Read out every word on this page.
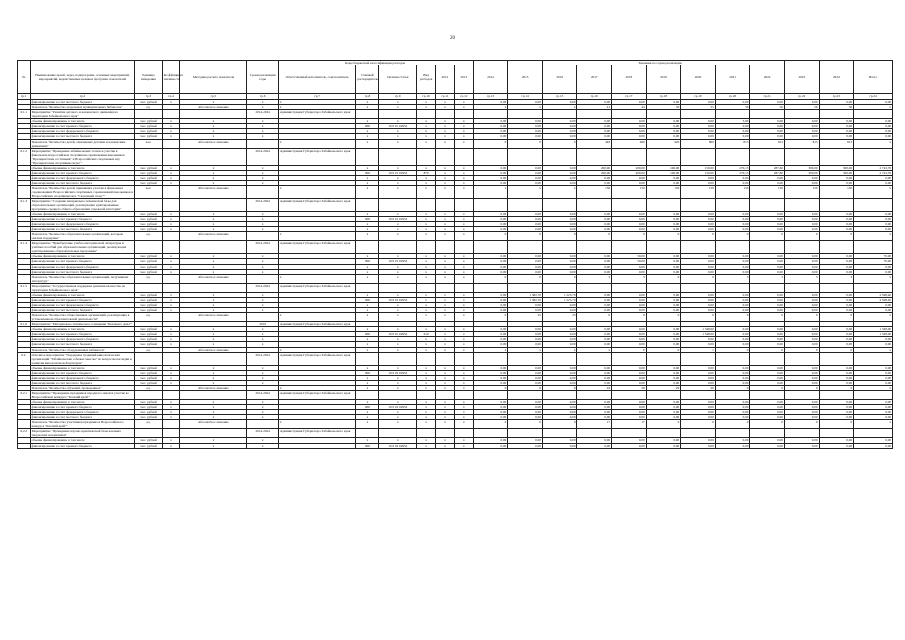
20
№	Наименование целей, задач, подпрограмм, основных мероприятий, мероприятий, ведомственных целевых программ, показателей	Единица измерения	Коэффициент значимости	Методика расчета показателя	Сроки реализации годы	Ответственный исполнитель, соисполнитель	Главный распорядитель	Целевая статья	Вид расходов	2012	2013	2014	2015	2016	2017	2018	2019	2020	2021	2022	2023	2024	Итого
гр.1	гр.2	гр.3	гр.4	гр.5	гр.6	гр.7	гр.8	гр.9	гр.10	гр.11	гр.12	гр.13	гр.14	гр.15	гр.16	гр.17	гр.18	гр.19	гр.20	гр.21	гр.22	гр.23	гр.24
	финансирование за счет местного бюджета	тыс. рублей	х	х	х	х	х	х	х	х	х	0,00	0,00	0,00	0,00	0,00	0,00	0,00	0,00	0,00	0,00	0,00	0,00
	Показатель "Количество модельных муниципальных библиотек"	ед.		Абсолютное значение	х	х	х	х	х	х	х	х	х	х	41	44	50	55	56	56	56	56	х
6.1.1	Мероприятие "Развитие детского и юношеского движения на территории Забайкальского края"				2014-2024	Администрация Губернатора Забайкальского края																	
	объемы финансирования, в том числе	тыс. рублей	х	х	х		х	х	х	х	х	0,00	0,00	0,00	0,00	0,00	0,00	0,00	3,00	0,00	0,00	0,00	0,00
	финансирование за счет краевого бюджета	тыс. рублей	х	х	х		006	19 6 01 02952	х	х	х	0,00	0,00	0,00	0,00	0,00	0,00	0,00	0,00	0,00	0,00	0,00	0,00
	финансирование за счет федерального бюджета	тыс. рублей	х	х	х		х	х	х	х	х	0,00	0,00	0,00	0,00	0,00	0,00	0,00	0,00	0,00	0,00	0,00	0,00
	финансирование за счет местного бюджета	тыс. рублей	х	х	х		х	х	х	х	х	0,00	0,00	0,00	0,00	0,00	0,00	0,00	0,00	0,00	0,00	0,00	0,00
	Показатель "Количество детей, охваченных детским и юношеским движением"	чел.		Абсолютное значение		х	х	х	х	х	х	0	0	0	463	460	420	800	813	813	813	813	х
6.1.2	Мероприятие "Проведение забайкальских этапов и участие в финальном всероссийском спортивном соревновании школьников "Президентские состязания" и Всероссийских спортивных игр "Президентские спортивные игры""				2014-2024	Администрация Губернатора Забайкальского края																	
	объемы финансирования, в том числе	тыс. рублей	х	х	х		х	х	х	х	х	0,00	0,00	0,00	200,00	200,00	100,00	150,00	270,15	287,60	300,00	300,00	2 743,76
	финансирование за счет краевого бюджета	тыс. рублей	х	х	х		006	19 6 01 02952	870	х	х	0,00	0,00	0,00	200,00	200,00	100,00	150,00	270,15	287,60	300,00	300,00	2 743,76
	финансирование за счет федерального бюджета	тыс. рублей	х	х	х		х	х	х	х	х	0,00	0,00	0,00	0,00	0,00	0,00	0,00	0,00	0,00	0,00	0,00	0,00
	финансирование за счет местного бюджета	тыс. рублей	х	х	х		х	х	х	х	х	0,00	0,00	0,00	0,00	0,00	0,00	0,00	0,00	0,00	0,00	0,00	0,00
	Показатель "Количество детей, принявших участие в финальных соревнованиях Всероссийских спортивных соревнований школьников и Всероссийских спортивных игр "Сказочный спорт""	чел.		Абсолютное значение		х	х	х	х	х	х	х	х	х	150	150	150	150	150	150	150	150	х
6.1.3	Мероприятие "Создание материально-технической базы для образовательных организаций, реализующих адаптированные программы среднего общего образования отдельной категории"				2014-2024	Администрация Губернатора Забайкальского края																	
	объемы финансирования, в том числе	тыс. рублей	х	х	х		х	х	х	х	х	0,00	0,00	0,00	0,00	0,00	0,00	0,00	0,00	0,00	0,00	0,00	0,00
	финансирование за счет краевого бюджета	тыс. рублей	х	х	х		006	19 6 01 02952	х	х	х	0,00	0,00	0,00	0,00	0,00	0,00	0,00	0,00	0,00	0,00	0,00	0,00
	финансирование за счет федерального бюджета	тыс. рублей	х	х	х		х	х	х	х	х	0,00	0,00	0,00	0,00	0,00	0,00	0,00	0,00	0,00	0,00	0,00	0,00
	финансирование за счет местного бюджета	тыс. рублей	х	х	х		х	х	х	х	х	0,00	0,00	0,00	0,00	0,00	0,00	0,00	0,00	0,00	0,00	0,00	0,00
	Показатель "Количество образовательных организаций, которым оказана поддержка"	ед.		Абсолютное значение		х	х	х	х	х	х	0	0	0	0	0	0	0	0	0	0	0	х
6.1.4	Мероприятие "Приобретение учебно-методической литературы и учебных пособий для образовательных организаций, реализующих адаптированные образовательные программы"				2014-2024	Администрация Губернатора Забайкальского края																	
	объемы финансирования, в том числе	тыс. рублей	х	х	х		х	х	х	х	х	0,00	0,00	0,00	0,00	50,00	0,00	0,00	0,00	0,00	0,00	0,00	70,00
	финансирование за счет краевого бюджета	тыс. рублей	х	х	х		006	19 6 01 02952	х	х	х	0,00	0,00	0,00	0,00	50,00	0,00	0,00	0,00	0,00	0,00	0,00	70,00
	финансирование за счет федерального бюджета	тыс. рублей	х	х	х		х	х	х	х	х	0,00	0,00	0,00	0,00	0,00	0,00	0,00	0,00	0,00	0,00	0,00	0,00
	финансирование за счет местного бюджета	тыс. рублей	х	х	х		х	х	х	х	х	0,00	0,00	0,00	0,00	0,00	0,00	0,00	0,00	0,00	0,00	0,00	0,00
	Показатель "Количество образовательных организаций, получивших литературу"	ед.		Абсолютное значение		х	х	х	х	х	х	0	0	0	3	3	0	0	3	3	3	3	х
6.1.5	Мероприятие "Государственная поддержка развития казачества на территории Забайкальского края"				2014-2024	Администрация Губернатора Забайкальского края																	
	объемы финансирования, в том числе	тыс. рублей	х	х	х		х	х	х	х	х	0,00	1 382,70	1 225,70	0,00	0,00	0,00	0,00	0,00	0,00	0,00	0,00	2 598,40
	финансирование за счет краевого бюджета	тыс. рублей	х	х	х		006	19 6 01 02952	х	х	х	0,00	1 382,70	1 225,70	0,00	0,00	0,00	0,00	0,00	0,00	0,00	0,00	2 598,40
	финансирование за счет федерального бюджета	тыс. рублей	х	х	х		х	х	х	х	х	0,00	0,00	0,00	0,00	0,00	0,00	0,00	0,00	0,00	0,00	0,00	0,00
	финансирование за счет местного бюджета	тыс. рублей	х	х	х		х	х	х	х	х	0,00	0,00	0,00	0,00	0,00	0,00	0,00	0,00	0,00	0,00	0,00	0,00
	Показатель "Количество общественных организаций, реализующих в установленном образовательной деятельности"	ед.		Абсолютное значение		х	х	х	х	х	х	0	25	25	0	0	0	0	0	0	0	0	х
6.1.6	Мероприятие "Материально-техническое оснащение "Казачьего дома""				2019	Администрация Губернатора Забайкальского края																	
	объемы финансирования, в том числе	тыс. рублей	х	х	х		х	х	х	х	х	0,00	0,00	0,00	0,00	0,00	0,00	1 348,00	0,00	0,00	0,00	0,00	1 348,00
	финансирование за счет краевого бюджета	тыс. рублей	х	х	х		006	19 6 01 02952	610	х	х	0,00	0,00	0,00	0,00	0,00	0,00	1 348,00	0,00	0,00	0,00	0,00	1 348,00
	финансирование за счет федерального бюджета	тыс. рублей	х	х	х		х	х	х	х	х	0,00	0,00	0,00	0,00	0,00	0,00	0,00	0,00	0,00	0,00	0,00	0,00
	финансирование за счет местного бюджета	тыс. рублей	х	х	х		х	х	х	х	х	0,00	0,00	0,00	0,00	0,00	0,00	0,00	0,00	0,00	0,00	0,00	0,00
	Показатель "Количество оборудованных кабинетов"	ед.		Абсолютное значение		х	х	х	х	х	х	х	х	х	х	0	0	1	0	0	0	0	х
6.2.	Основное мероприятие "Поддержка традиций кинологических организаций "Забайкальские собачьи смыслы" по вопросам наследия и развития кинологической культуры"				2014-2024	Администрация Губернатора Забайкальского края																	
	объемы финансирования, в том числе	тыс. рублей	х	х	х		х	х	х	х	х	0,00	0,00	0,00	0,00	0,00	0,00	0,00	0,00	0,00	0,00	0,00	0,00
	финансирование за счет краевого бюджета	тыс. рублей	х	х	х		006	19 6 02 02952	х	х	х	0,00	0,00	0,00	0,00	0,00	0,00	0,00	0,00	0,00	0,00	0,00	0,00
	финансирование за счет федерального бюджета	тыс. рублей	х	х	х		х	х	х	х	х	0,00	0,00	0,00	0,00	0,00	0,00	0,00	0,00	0,00	0,00	0,00	0,00
	финансирование за счет местного бюджета	тыс. рублей	х	х	х		х	х	х	х	х	0,00	0,00	0,00	0,00	0,00	0,00	0,00	0,00	0,00	0,00	0,00	0,00
	Показатель "Количество обучений, проведенных"	ед.		Абсолютное значение		х	х	х	х	х	х	0	0	0	24	28	29	29	0	0	0	0	х
6.2.1	Мероприятие "Проведение праздников народного земли и участие во Всероссийском конкурсе "Казачий край""				2014-2024	Администрация Губернатора Забайкальского края																	
	объемы финансирования, в том числе	тыс. рублей	х	х	х		х	х	х	х	х	0,00	0,00	0,00	0,00	0,00	0,00	0,00	0,00	0,00	0,00	0,00	0,00
	финансирование за счет краевого бюджета	тыс. рублей	х	х	х		006	19 6 02 02952	х	х	х	0,00	0,00	0,00	0,00	0,00	0,00	0,00	0,00	0,00	0,00	0,00	0,00
	финансирование за счет федерального бюджета	тыс. рублей	х	х	х		х	х	х	х	х	0,00	0,00	0,00	0,00	0,00	0,00	0,00	0,00	0,00	0,00	0,00	0,00
	финансирование за счет местного бюджета	тыс. рублей	х	х	х		х	х	х	х	х	0,00	0,00	0,00	0,00	0,00	0,00	0,00	0,00	0,00	0,00	0,00	0,00
	Показатель "Количество участников праздника и Всероссийского конкурса "Казачий край""	ед.		Абсолютное значение		х	х	х	х	х	х	0	0	0	17	17	0	0	0	0	0	0	х
6.2.2	Мероприятие "Проведение научно-практической базы казачьих творческих коллективов"				2014-2024	Администрация Губернатора Забайкальского края																	
	объемы финансирования, в том числе	тыс. рублей	х	х	х		х	х	х	х	х	0,00	0,00	0,00	0,00	0,00	0,00	0,00	0,00	0,00	0,00	0,00	0,00
	финансирование за счет краевого бюджета	тыс. рублей	х	х	х		006	19 6 02 02952	х	х	х	0,00	0,00	0,00	0,00	0,00	0,00	0,00	0,00	0,00	0,00	0,00	0,00
Коды бюджетной классификации расходов	Значения по годам реализации
